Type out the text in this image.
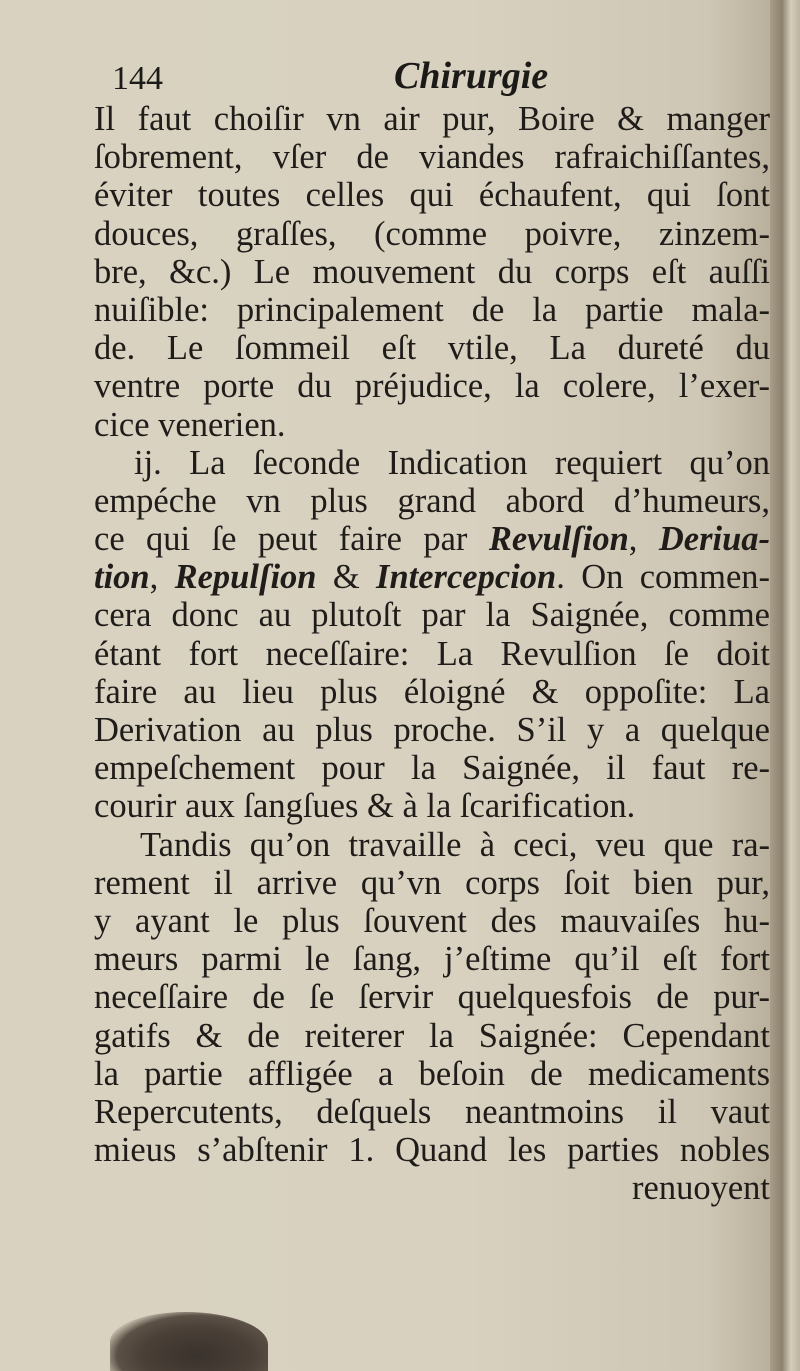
144	Chirurgie
Il faut choiſir vn air pur, Boire & manger
ſobrement, vſer de viandes rafraichiſſantes,
éviter toutes celles qui échaufent, qui ſont
douces, graſſes, (comme poivre, zinzem-
bre, &c.) Le mouvement du corps eſt auſſi
nuiſible: principalement de la partie mala-
de. Le ſommeil eſt vtile, La dureté du
ventre porte du préjudice, la colere, l’exer-
cice venerien.
ij. La ſeconde Indication requiert qu’on
empéche vn plus grand abord d’humeurs,
ce qui ſe peut faire par Revulſion, Deriua-
tion, Repulſion & Intercepcion. On commen-
cera donc au plutoſt par la Saignée, comme
étant fort neceſſaire: La Revulſion ſe doit
faire au lieu plus éloigné & oppoſite: La
Derivation au plus proche. S’il y a quelque
empeſchement pour la Saignée, il faut re-
courir aux ſangſues & à la ſcarification.
Tandis qu’on travaille à ceci, veu que ra-
rement il arrive qu’vn corps ſoit bien pur,
y ayant le plus ſouvent des mauvaiſes hu-
meurs parmi le ſang, j’eſtime qu’il eſt fort
neceſſaire de ſe ſervir quelquesfois de pur-
gatifs & de reiterer la Saignée: Cependant
la partie affligée a beſoin de medicaments
Repercutents, deſquels neantmoins il vaut
mieus s’abſtenir 1. Quand les parties nobles
renuoyent
